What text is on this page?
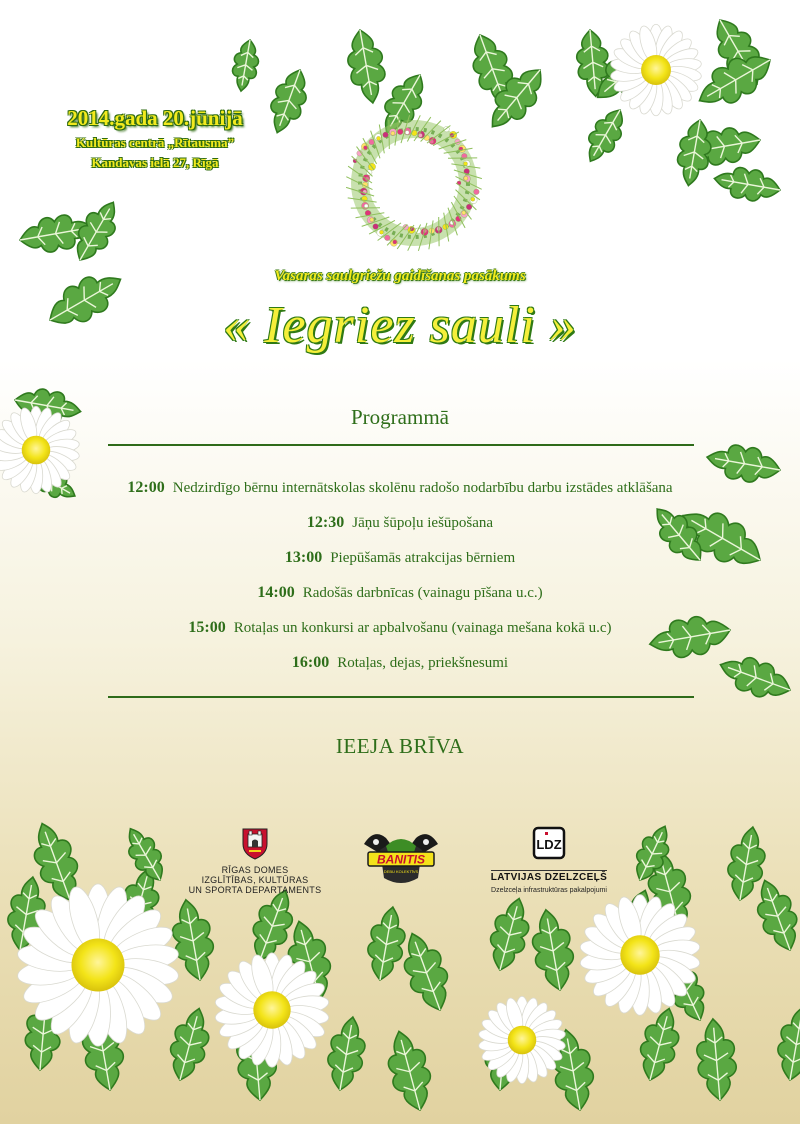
2014.gada 20.jūnijā
Kultūras centrā „Rītausma”
Kandavas ielā 27, Rīgā
Vasaras saulgriežu gaidīšanas pasākums
« Iegriez sauli »
Programmā
12:00 Nedzirdīgo bērnu internātskolas skolēnu radošo nodarbību darbu izstādes atklāšana
12:30 Jāņu šūpoļu iešūpošana
13:00 Piepūšamās atrakcijas bērniem
14:00 Radošās darbnīcas (vainagu pīšana u.c.)
15:00 Rotaļas un konkursi ar apbalvošanu (vainaga mešana kokā u.c)
16:00 Rotaļas, dejas, priekšnesumi
IEEJA BRĪVA
RĪGAS DOMES
IZGLĪTĪBAS, KULTŪRAS
UN SPORTA DEPARTAMENTS
BANITIS
DEBU KOLEKTĪVS
LDZ
LATVIJAS DZELZCEĻŠ
Dzelzceļa infrastruktūras pakalpojumi
